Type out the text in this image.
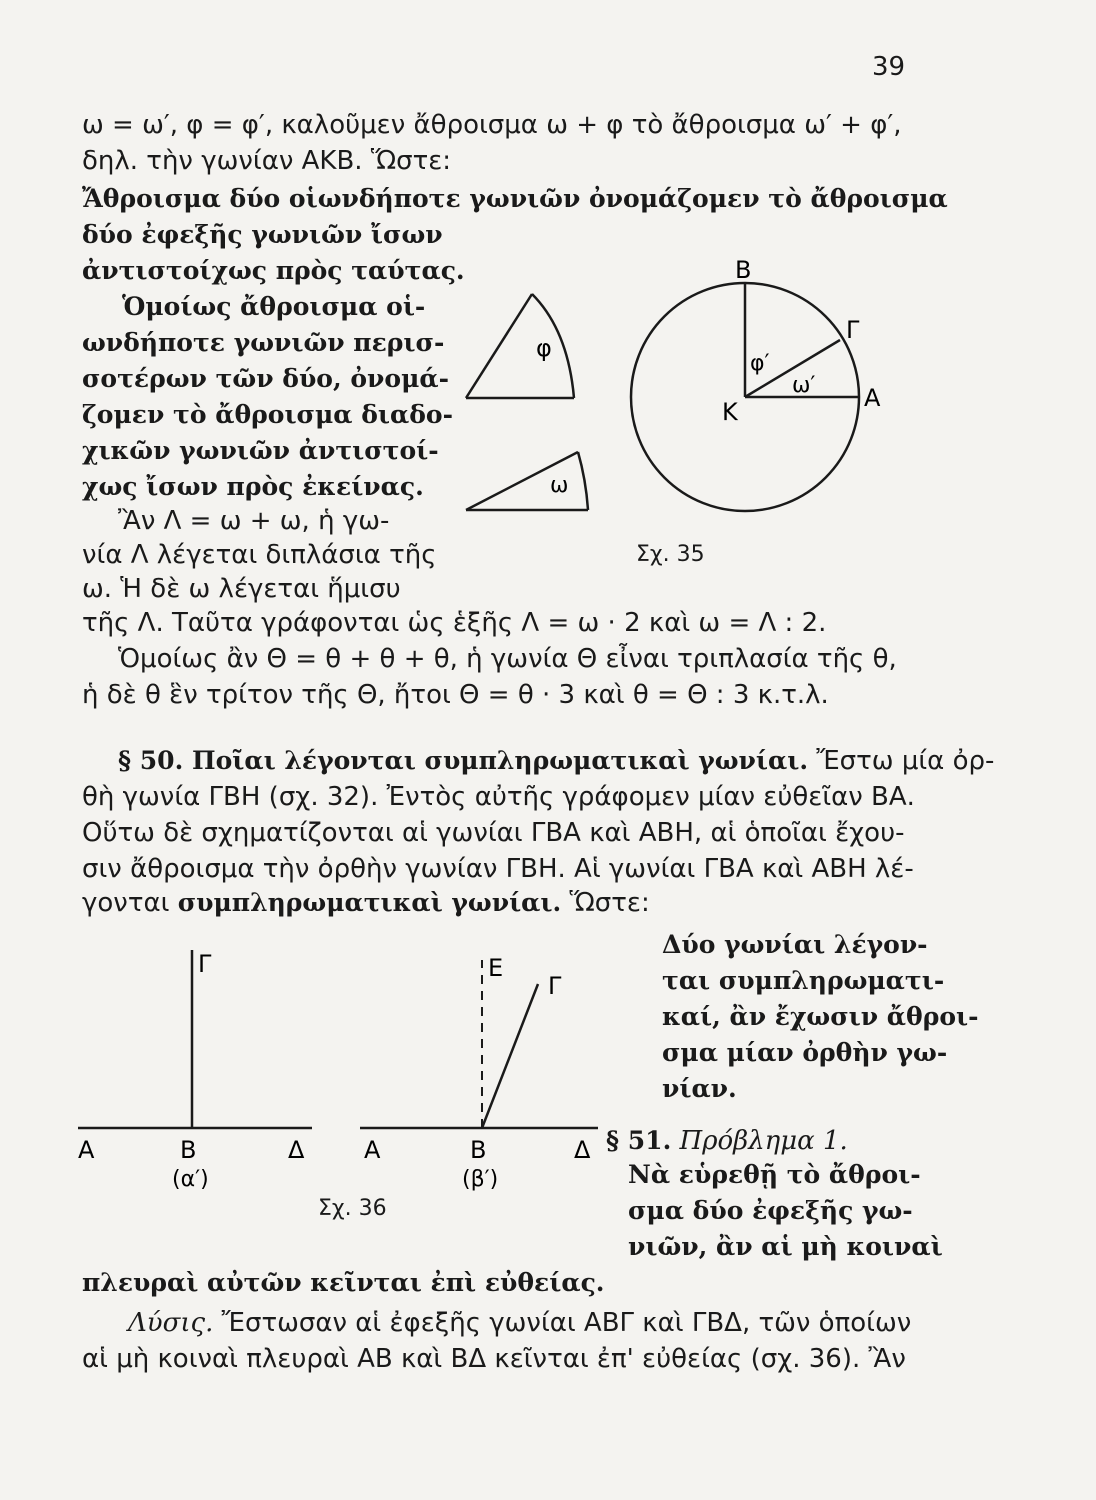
39
ω = ω′, φ = φ′, καλοῦμεν ἄθροισμα ω + φ τὸ ἄθροισμα ω′ + φ′,
δηλ. τὴν γωνίαν ΑΚΒ. Ὥστε:
Ἄθροισμα δύο οἱωνδήποτε γωνιῶν ὀνομάζομεν τὸ ἄθροισμα
δύο ἐφεξῆς γωνιῶν ἴσων
ἀντιστοίχως πρὸς ταύτας.
Ὁμοίως ἄθροισμα οἱ-
ωνδήποτε γωνιῶν περισ-
σοτέρων τῶν δύο, ὀνομά-
ζομεν τὸ ἄθροισμα διαδο-
χικῶν γωνιῶν ἀντιστοί-
χως ἴσων πρὸς ἐκείνας.
Ἂν Λ = ω + ω, ἡ γω-
νία Λ λέγεται διπλάσια τῆς
ω. Ἡ δὲ ω λέγεται ἥμισυ
τῆς Λ. Ταῦτα γράφονται ὡς ἑξῆς Λ = ω · 2 καὶ ω = Λ : 2.
Ὁμοίως ἂν Θ = θ + θ + θ, ἡ γωνία Θ εἶναι τριπλασία τῆς θ,
ἡ δὲ θ ἓν τρίτον τῆς Θ, ἤτοι Θ = θ · 3 καὶ θ = Θ : 3 κ.τ.λ.
§ 50. Ποῖαι λέγονται συμπληρωματικαὶ γωνίαι. Ἔστω μία ὀρ-
θὴ γωνία ΓΒΗ (σχ. 32). Ἐντὸς αὐτῆς γράφομεν μίαν εὐθεῖαν ΒΑ.
Οὕτω δὲ σχηματίζονται αἱ γωνίαι ΓΒΑ καὶ ΑΒΗ, αἱ ὁποῖαι ἔχου-
σιν ἄθροισμα τὴν ὀρθὴν γωνίαν ΓΒΗ. Αἱ γωνίαι ΓΒΑ καὶ ΑΒΗ λέ-
γονται συμπληρωματικαὶ γωνίαι. Ὥστε:
Δύο γωνίαι λέγον-
ται συμπληρωματι-
καί, ἂν ἔχωσιν ἄθροι-
σμα μίαν ὀρθὴν γω-
νίαν.
§ 51. Πρόβλημα 1.
Νὰ εὑρεθῇ τὸ ἄθροι-
σμα δύο ἐφεξῆς γω-
νιῶν, ἂν αἱ μὴ κοιναὶ
πλευραὶ αὐτῶν κεῖνται ἐπὶ εὐθείας.
Λύσις. Ἔστωσαν αἱ ἐφεξῆς γωνίαι ΑΒΓ καὶ ΓΒΔ, τῶν ὁποίων
αἱ μὴ κοιναὶ πλευραὶ ΑΒ καὶ ΒΔ κεῖνται ἐπ' εὐθείας (σχ. 36). Ἂν
φ
ω
Β
Γ
Α
Κ
φ′
ω′
Σχ. 35
Γ
Α	Β	Δ
(α′)
Ε
Γ
Α	Β	Δ
(β′)
Σχ. 36
